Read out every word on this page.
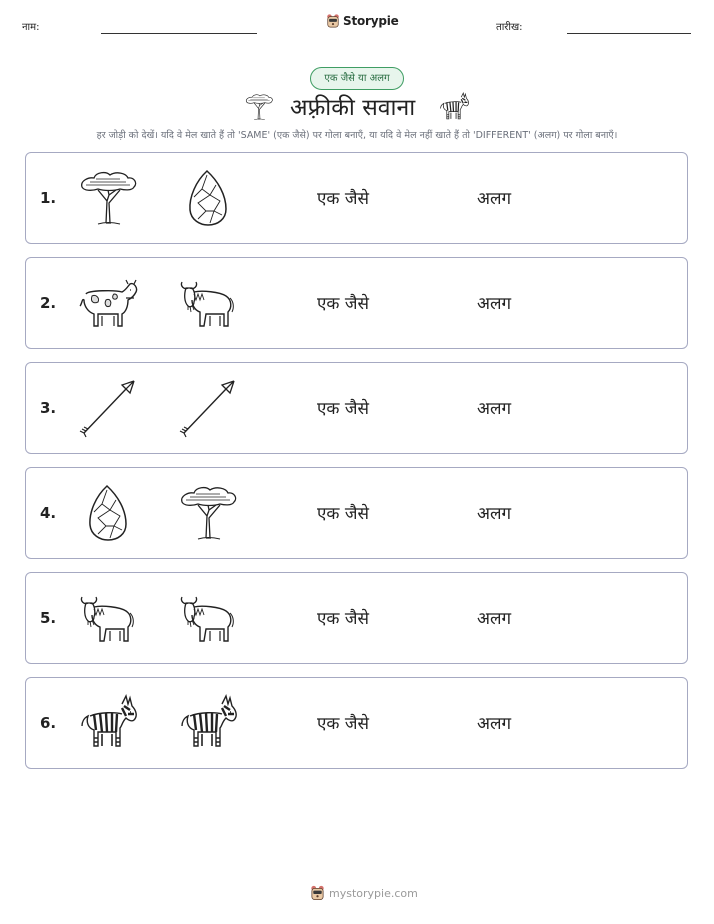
नाम:	Storypie	तारीख:
एक जैसे या अलग
अफ़्रीकी सवाना
हर जोड़ी को देखें। यदि वे मेल खाते हैं तो 'SAME' (एक जैसे) पर गोला बनाएँ, या यदि वे मेल नहीं खाते हैं तो 'DIFFERENT' (अलग) पर गोला बनाएँ।
1.	एक जैसे	अलग
2.	एक जैसे	अलग
3.	एक जैसे	अलग
4.	एक जैसे	अलग
5.	एक जैसे	अलग
6.	एक जैसे	अलग
mystorypie.com
